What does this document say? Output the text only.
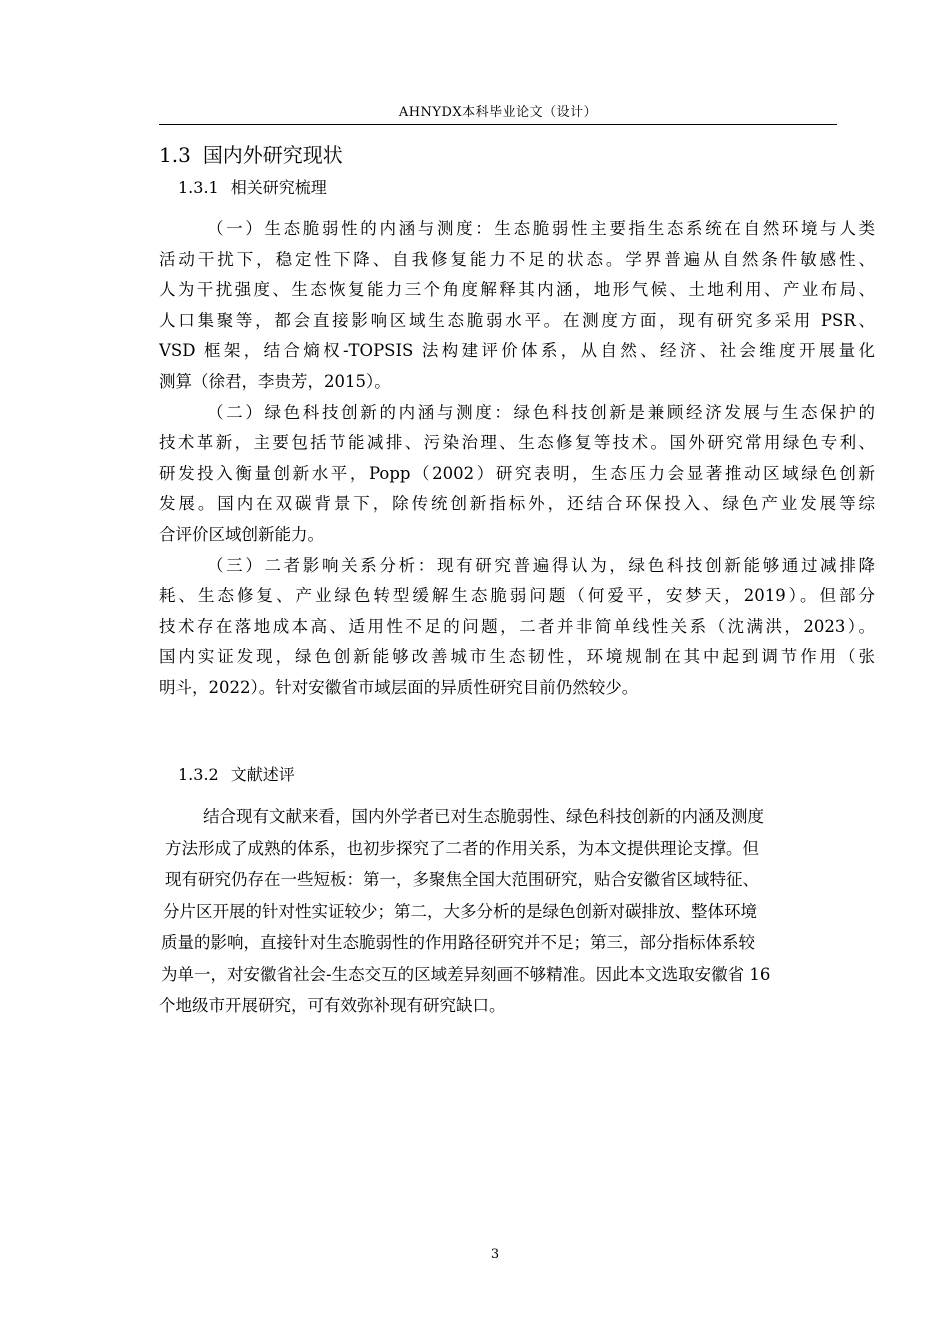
AHNYDX本科毕业论文（设计）
1.3 国内外研究现状
1.3.1 相关研究梳理
（一）生态脆弱性的内涵与测度：生态脆弱性主要指生态系统在自然环境与人类
活动干扰下，稳定性下降、自我修复能力不足的状态。学界普遍从自然条件敏感性、
人为干扰强度、生态恢复能力三个角度解释其内涵，地形气候、土地利用、产业布局、
人口集聚等，都会直接影响区域生态脆弱水平。在测度方面，现有研究多采用 PSR、
VSD 框架，结合熵权-TOPSIS 法构建评价体系，从自然、经济、社会维度开展量化
测算（徐君，李贵芳，2015）。
（二）绿色科技创新的内涵与测度：绿色科技创新是兼顾经济发展与生态保护的
技术革新，主要包括节能减排、污染治理、生态修复等技术。国外研究常用绿色专利、
研发投入衡量创新水平，Popp（2002）研究表明，生态压力会显著推动区域绿色创新
发展。国内在双碳背景下，除传统创新指标外，还结合环保投入、绿色产业发展等综
合评价区域创新能力。
（三）二者影响关系分析：现有研究普遍得认为，绿色科技创新能够通过减排降
耗、生态修复、产业绿色转型缓解生态脆弱问题（何爱平，安梦天，2019）。但部分
技术存在落地成本高、适用性不足的问题，二者并非简单线性关系（沈满洪，2023）。
国内实证发现，绿色创新能够改善城市生态韧性，环境规制在其中起到调节作用（张
明斗，2022）。针对安徽省市域层面的异质性研究目前仍然较少。
1.3.2 文献述评
结合现有文献来看，国内外学者已对生态脆弱性、绿色科技创新的内涵及测度
方法形成了成熟的体系，也初步探究了二者的作用关系，为本文提供理论支撑。但
现有研究仍存在一些短板：第一，多聚焦全国大范围研究，贴合安徽省区域特征、
分片区开展的针对性实证较少；第二，大多分析的是绿色创新对碳排放、整体环境
质量的影响，直接针对生态脆弱性的作用路径研究并不足；第三，部分指标体系较
为单一，对安徽省社会-生态交互的区域差异刻画不够精准。因此本文选取安徽省 16
个地级市开展研究，可有效弥补现有研究缺口。
3
